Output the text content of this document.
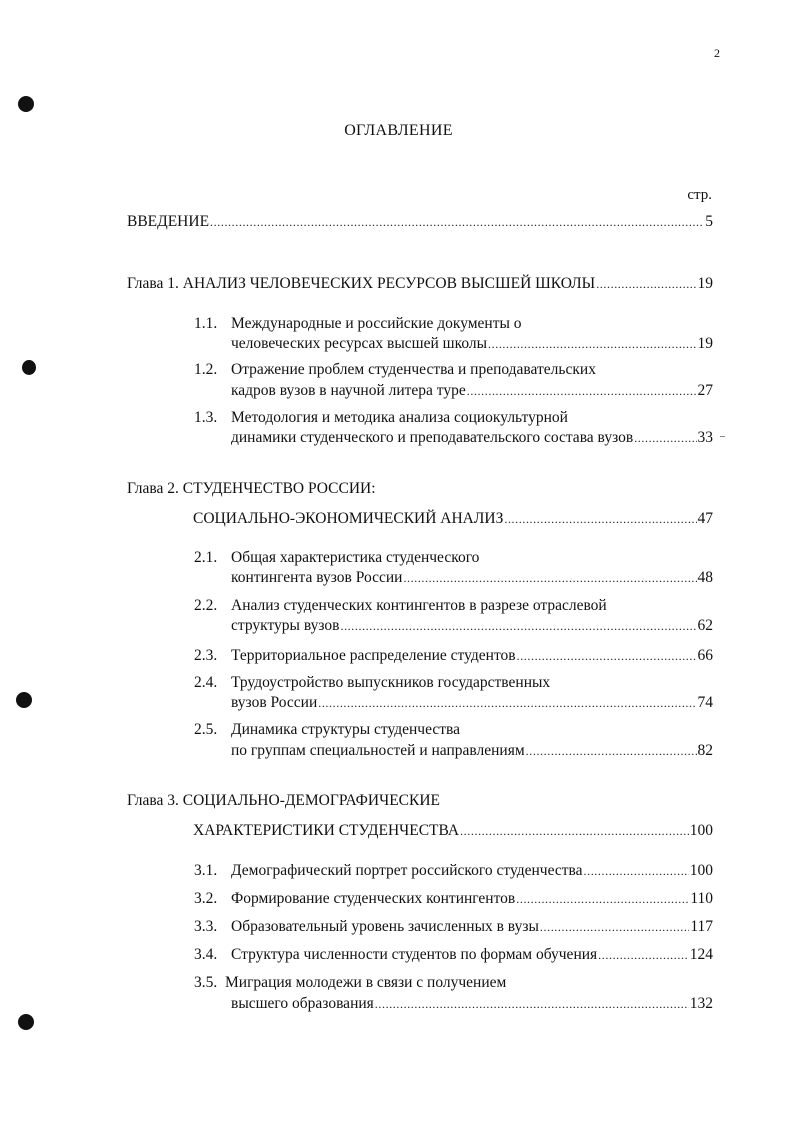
2
ОГЛАВЛЕНИЕ
стр.
ВВЕДЕНИЕ .....	5
Глава 1. АНАЛИЗ ЧЕЛОВЕЧЕСКИХ РЕСУРСОВ ВЫСШЕЙ ШКОЛЫ .....	19
1.1. Международные и российские документы о
человеческих ресурсах высшей школы .....	19
1.2. Отражение проблем студенчества и преподавательских
кадров вузов в научной литера туре .....	27
1.3. Методология и методика анализа социокультурной
динамики студенческого и преподавательского состава вузов .....	33
Глава 2. СТУДЕНЧЕСТВО РОССИИ:
СОЦИАЛЬНО-ЭКОНОМИЧЕСКИЙ АНАЛИЗ .....	47
2.1. Общая характеристика студенческого
контингента вузов России .....	48
2.2. Анализ студенческих контингентов в разрезе отраслевой
структуры вузов .....	62
2.3. Территориальное распределение студентов .....	66
2.4. Трудоустройство выпускников государственных
вузов России .....	74
2.5. Динамика структуры студенчества
по группам специальностей и направлениям .....	82
Глава 3. СОЦИАЛЬНО-ДЕМОГРАФИЧЕСКИЕ
ХАРАКТЕРИСТИКИ СТУДЕНЧЕСТВА .....	100
3.1. Демографический портрет российского студенчества .....	100
3.2. Формирование студенческих контингентов .....	110
3.3. Образовательный уровень зачисленных в вузы .....	117
3.4. Структура численности студентов по формам обучения .....	124
3.5. Миграция молодежи в связи с получением
высшего образования .....	132
